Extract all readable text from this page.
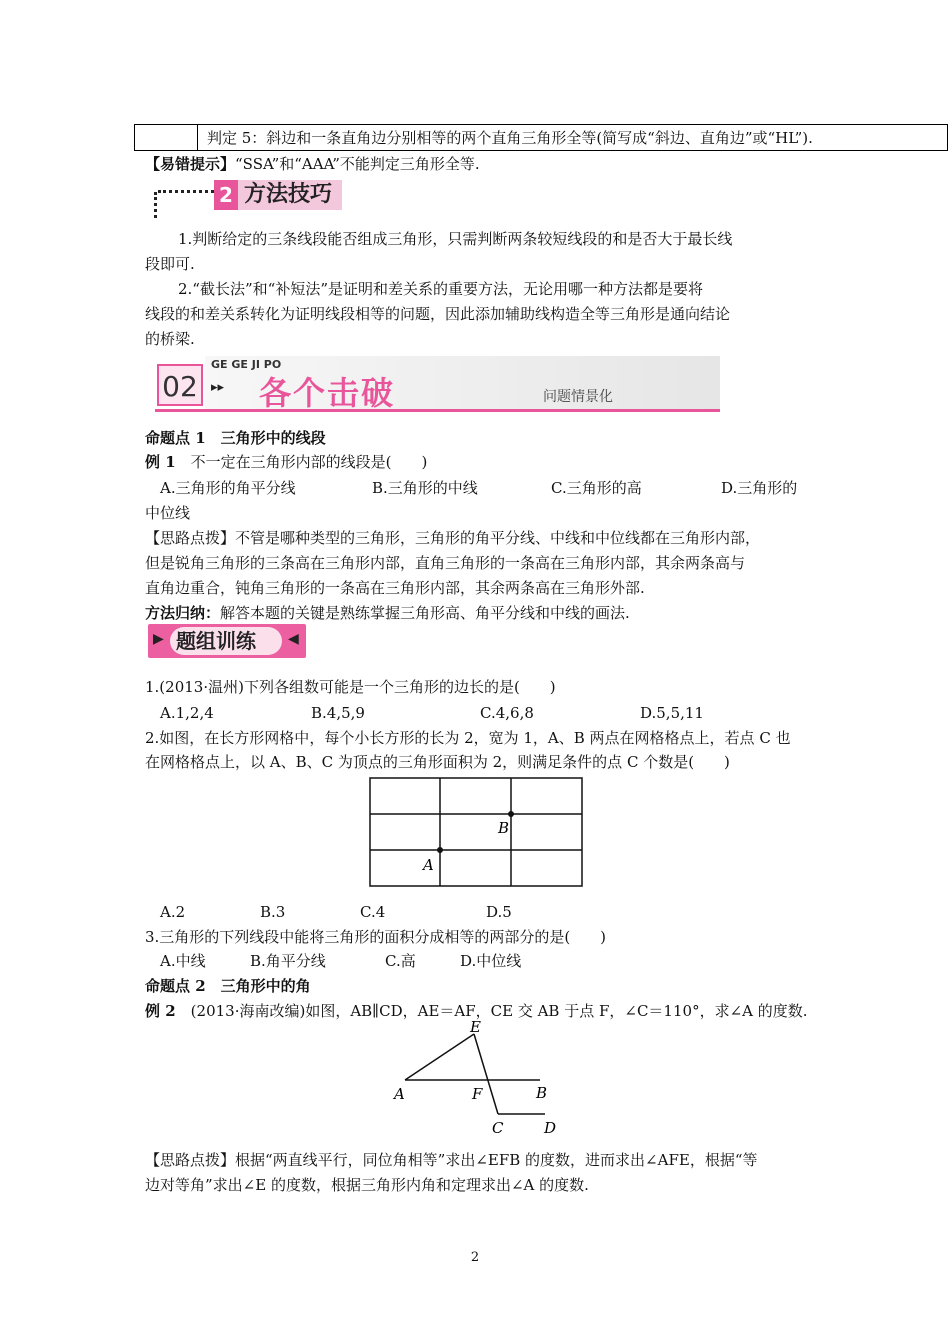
判定 5：斜边和一条直角边分别相等的两个直角三角形全等(简写成“斜边、直角边”或“HL”).
【易错提示】“SSA”和“AAA”不能判定三角形全等.
2 方法技巧
1.判断给定的三条线段能否组成三角形，只需判断两条较短线段的和是否大于最长线
段即可.
2.“截长法”和“补短法”是证明和差关系的重要方法，无论用哪一种方法都是要将
线段的和差关系转化为证明线段相等的问题，因此添加辅助线构造全等三角形是通向结论
的桥梁.
02
GE GE JI PO
▸▸ 各个击破	问题情景化
命题点 1　三角形中的线段
例 1　不一定在三角形内部的线段是(　　)
A.三角形的角平分线	B.三角形的中线	C.三角形的高	D.三角形的
中位线
【思路点拨】不管是哪种类型的三角形，三角形的角平分线、中线和中位线都在三角形内部，
但是锐角三角形的三条高在三角形内部，直角三角形的一条高在三角形内部，其余两条高与
直角边重合，钝角三角形的一条高在三角形内部，其余两条高在三角形外部.
方法归纳：解答本题的关键是熟练掌握三角形高、角平分线和中线的画法.
▶ 题组训练 ◀
1.(2013·温州)下列各组数可能是一个三角形的边长的是(　　)
A.1,2,4	B.4,5,9	C.4,6,8	D.5,5,11
2.如图，在长方形网格中，每个小长方形的长为 2，宽为 1，A、B 两点在网格格点上，若点 C 也
在网格格点上，以 A、B、C 为顶点的三角形面积为 2，则满足条件的点 C 个数是(　　)
B
A
A.2	B.3	C.4	D.5
3.三角形的下列线段中能将三角形的面积分成相等的两部分的是(　　)
A.中线	B.角平分线	C.高	D.中位线
命题点 2　三角形中的角
例 2　(2013·海南改编)如图，AB∥CD，AE＝AF，CE 交 AB 于点 F，∠C＝110°，求∠A 的度数.
E
A	F	B
C	D
【思路点拨】根据“两直线平行，同位角相等”求出∠EFB 的度数，进而求出∠AFE，根据“等
边对等角”求出∠E 的度数，根据三角形内角和定理求出∠A 的度数.
2
